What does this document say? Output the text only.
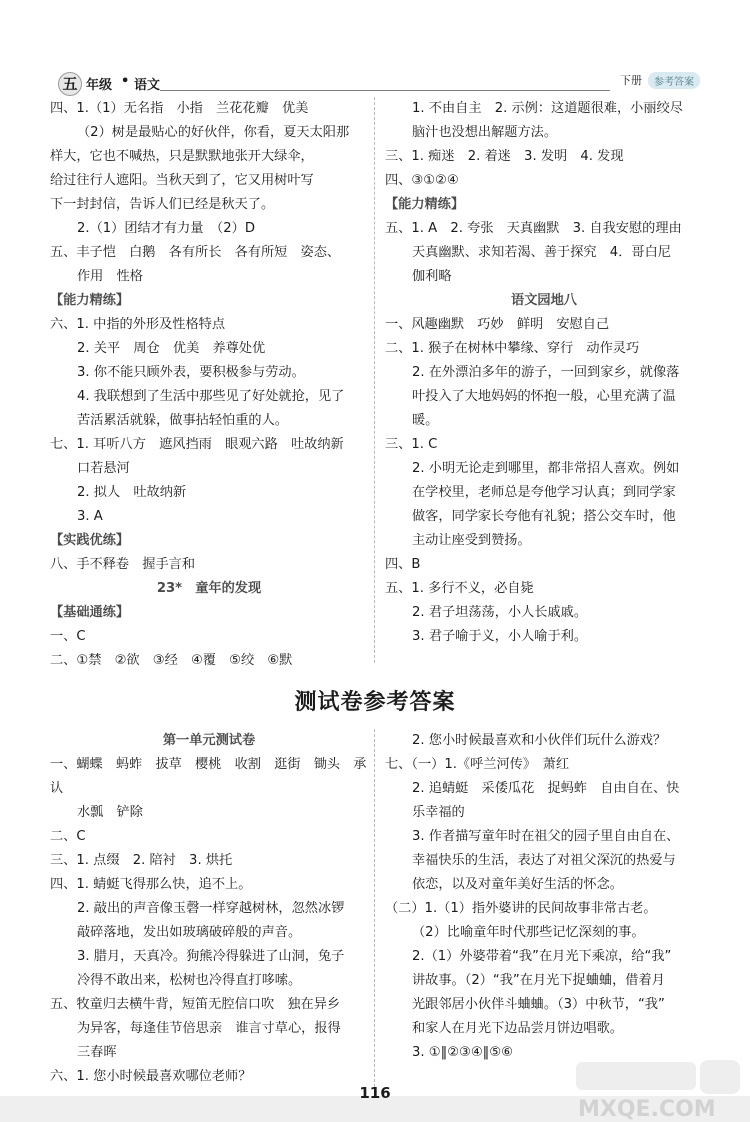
五 年级 • 语文	下册	参考答案
四、1.（1）无名指　小指　兰花花瓣　优美
（2）树是最贴心的好伙伴，你看，夏天太阳那
样大，它也不喊热，只是默默地张开大绿伞，
给过往行人遮阳。当秋天到了，它又用树叶写
下一封封信，告诉人们已经是秋天了。
2.（1）团结才有力量　（2）D
五、丰子恺　白鹅　各有所长　各有所短　姿态、
作用　性格
【能力精练】
六、1. 中指的外形及性格特点
2. 关平　周仓　优美　养尊处优
3. 你不能只顾外表，要积极参与劳动。
4. 我联想到了生活中那些见了好处就抢，见了
苦活累活就躲，做事拈轻怕重的人。
七、1. 耳听八方　遮风挡雨　眼观六路　吐故纳新
口若悬河
2. 拟人　吐故纳新
3. A
【实践优练】
八、手不释卷　握手言和
23*　童年的发现
【基础通练】
一、C
二、①禁　②欲　③经　④覆　⑤绞　⑥默
1. 不由自主　2. 示例：这道题很难，小丽绞尽
脑汁也没想出解题方法。
三、1. 痴迷　2. 着迷　3. 发明　4. 发现
四、③①②④
【能力精练】
五、1. A　2. 夸张　天真幽默　3. 自我安慰的理由
天真幽默、求知若渴、善于探究　4．哥白尼
伽利略
语文园地八
一、风趣幽默　巧妙　鲜明　安慰自己
二、1. 猴子在树林中攀缘、穿行　动作灵巧
2. 在外漂泊多年的游子，一回到家乡，就像落
叶投入了大地妈妈的怀抱一般，心里充满了温
暖。
三、1. C
2. 小明无论走到哪里，都非常招人喜欢。例如
在学校里，老师总是夸他学习认真；到同学家
做客，同学家长夸他有礼貌；搭公交车时，他
主动让座受到赞扬。
四、B
五、1. 多行不义，必自毙
2. 君子坦荡荡，小人长戚戚。
3. 君子喻于义，小人喻于利。
测试卷参考答案
第一单元测试卷
一、蝴蝶　蚂蚱　拔草　樱桃　收割　逛街　锄头　承认
水瓢　铲除
二、C
三、1. 点缀　2. 陪衬　3. 烘托
四、1. 蜻蜓飞得那么快，追不上。
2. 敲出的声音像玉磬一样穿越树林，忽然冰锣
敲碎落地，发出如玻璃破碎般的声音。
3. 腊月，天真冷。狗熊冷得躲进了山洞，兔子
冷得不敢出来，松树也冷得直打哆嗦。
五、牧童归去横牛背，短笛无腔信口吹　独在异乡
为异客，每逢佳节倍思亲　谁言寸草心，报得
三春晖
六、1. 您小时候最喜欢哪位老师？
2. 您小时候最喜欢和小伙伴们玩什么游戏？
七、（一）1.《呼兰河传》　萧红
2. 追蜻蜓　采倭瓜花　捉蚂蚱　自由自在、快
乐幸福的
3. 作者描写童年时在祖父的园子里自由自在、
幸福快乐的生活，表达了对祖父深沉的热爱与
依恋，以及对童年美好生活的怀念。
（二）1.（1）指外婆讲的民间故事非常古老。
（2）比喻童年时代那些记忆深刻的事。
2.（1）外婆带着“我”在月光下乘凉，给“我”
讲故事。（2）“我”在月光下捉蛐蛐，借着月
光跟邻居小伙伴斗蛐蛐。（3）中秋节，“我”
和家人在月光下边品尝月饼边唱歌。
3. ①‖②③④‖⑤⑥
116
MXQE.COM
